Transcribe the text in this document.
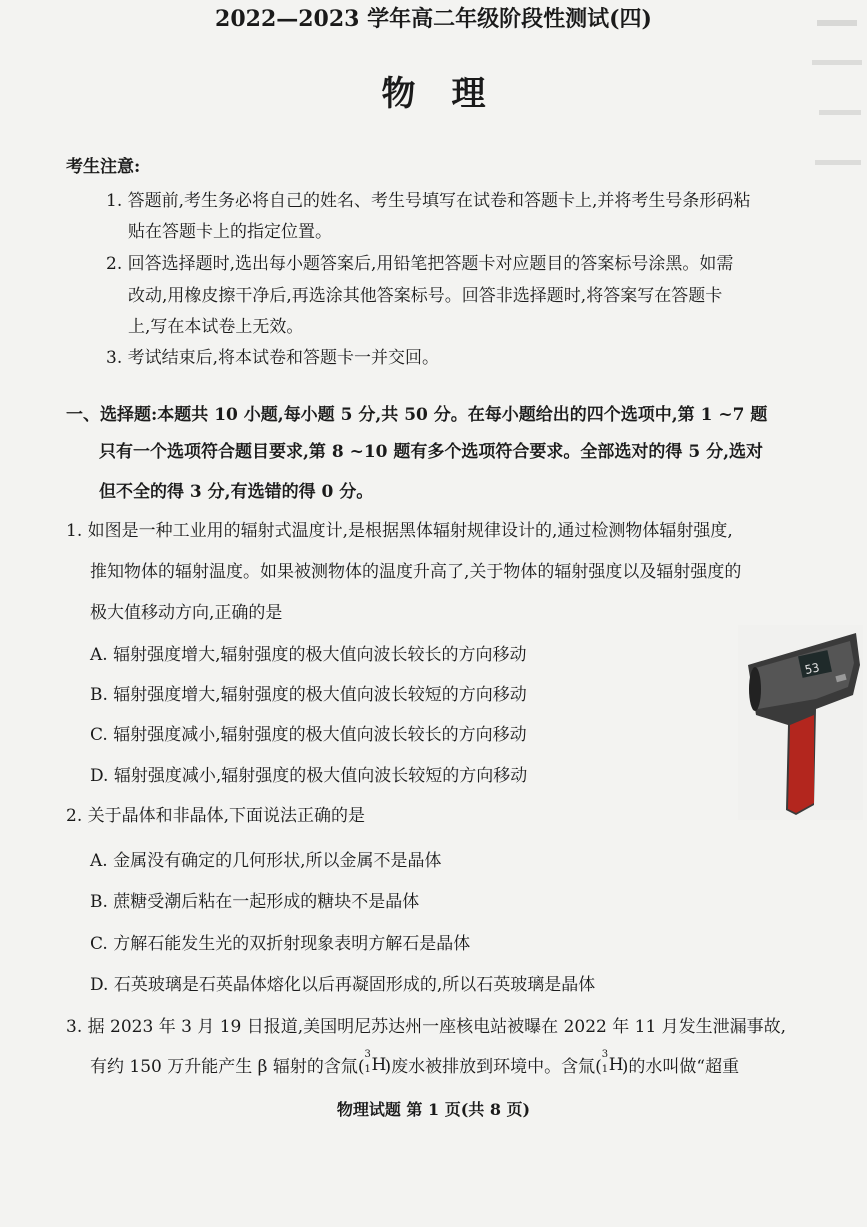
2022—2023 学年高二年级阶段性测试(四)
物理
考生注意:
1. 答题前,考生务必将自己的姓名、考生号填写在试卷和答题卡上,并将考生号条形码粘
贴在答题卡上的指定位置。
2. 回答选择题时,选出每小题答案后,用铅笔把答题卡对应题目的答案标号涂黑。如需
改动,用橡皮擦干净后,再选涂其他答案标号。回答非选择题时,将答案写在答题卡
上,写在本试卷上无效。
3. 考试结束后,将本试卷和答题卡一并交回。
一、选择题:本题共 10 小题,每小题 5 分,共 50 分。在每小题给出的四个选项中,第 1 ~7 题
只有一个选项符合题目要求,第 8 ~10 题有多个选项符合要求。全部选对的得 5 分,选对
但不全的得 3 分,有选错的得 0 分。
1. 如图是一种工业用的辐射式温度计,是根据黑体辐射规律设计的,通过检测物体辐射强度,
推知物体的辐射温度。如果被测物体的温度升高了,关于物体的辐射强度以及辐射强度的
极大值移动方向,正确的是
A. 辐射强度增大,辐射强度的极大值向波长较长的方向移动
B. 辐射强度增大,辐射强度的极大值向波长较短的方向移动
C. 辐射强度减小,辐射强度的极大值向波长较长的方向移动
D. 辐射强度减小,辐射强度的极大值向波长较短的方向移动
53
2. 关于晶体和非晶体,下面说法正确的是
A. 金属没有确定的几何形状,所以金属不是晶体
B. 蔗糖受潮后粘在一起形成的糖块不是晶体
C. 方解石能发生光的双折射现象表明方解石是晶体
D. 石英玻璃是石英晶体熔化以后再凝固形成的,所以石英玻璃是晶体
3. 据 2023 年 3 月 19 日报道,美国明尼苏达州一座核电站被曝在 2022 年 11 月发生泄漏事故,
有约 150 万升能产生 β 辐射的含氚(
3
1 H
)废水被排放到环境中。含氚(
3
1 H
)的水叫做“超重
物理试题 第 1 页(共 8 页)
